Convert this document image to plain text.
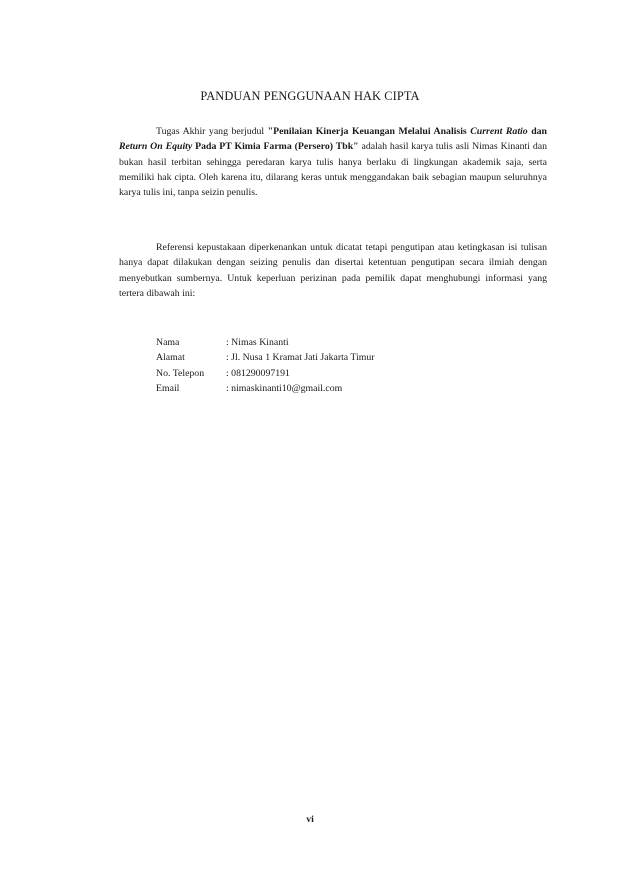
PANDUAN PENGGUNAAN HAK CIPTA

Tugas Akhir yang berjudul "Penilaian Kinerja Keuangan Melalui Analisis Current Ratio dan Return On Equity Pada PT Kimia Farma (Persero) Tbk" adalah hasil karya tulis asli Nimas Kinanti dan bukan hasil terbitan sehingga peredaran karya tulis hanya berlaku di lingkungan akademik saja, serta memiliki hak cipta. Oleh karena itu, dilarang keras untuk menggandakan baik sebagian maupun seluruhnya karya tulis ini, tanpa seizin penulis.

Referensi kepustakaan diperkenankan untuk dicatat tetapi pengutipan atau ketingkasan isi tulisan hanya dapat dilakukan dengan seizing penulis dan disertai ketentuan pengutipan secara ilmiah dengan menyebutkan sumbernya. Untuk keperluan perizinan pada pemilik dapat menghubungi informasi yang tertera dibawah ini:

Nama	: Nimas Kinanti
Alamat	: Jl. Nusa 1 Kramat Jati Jakarta Timur
No. Telepon	: 081290097191
Email	: nimaskinanti10@gmail.com
vi
